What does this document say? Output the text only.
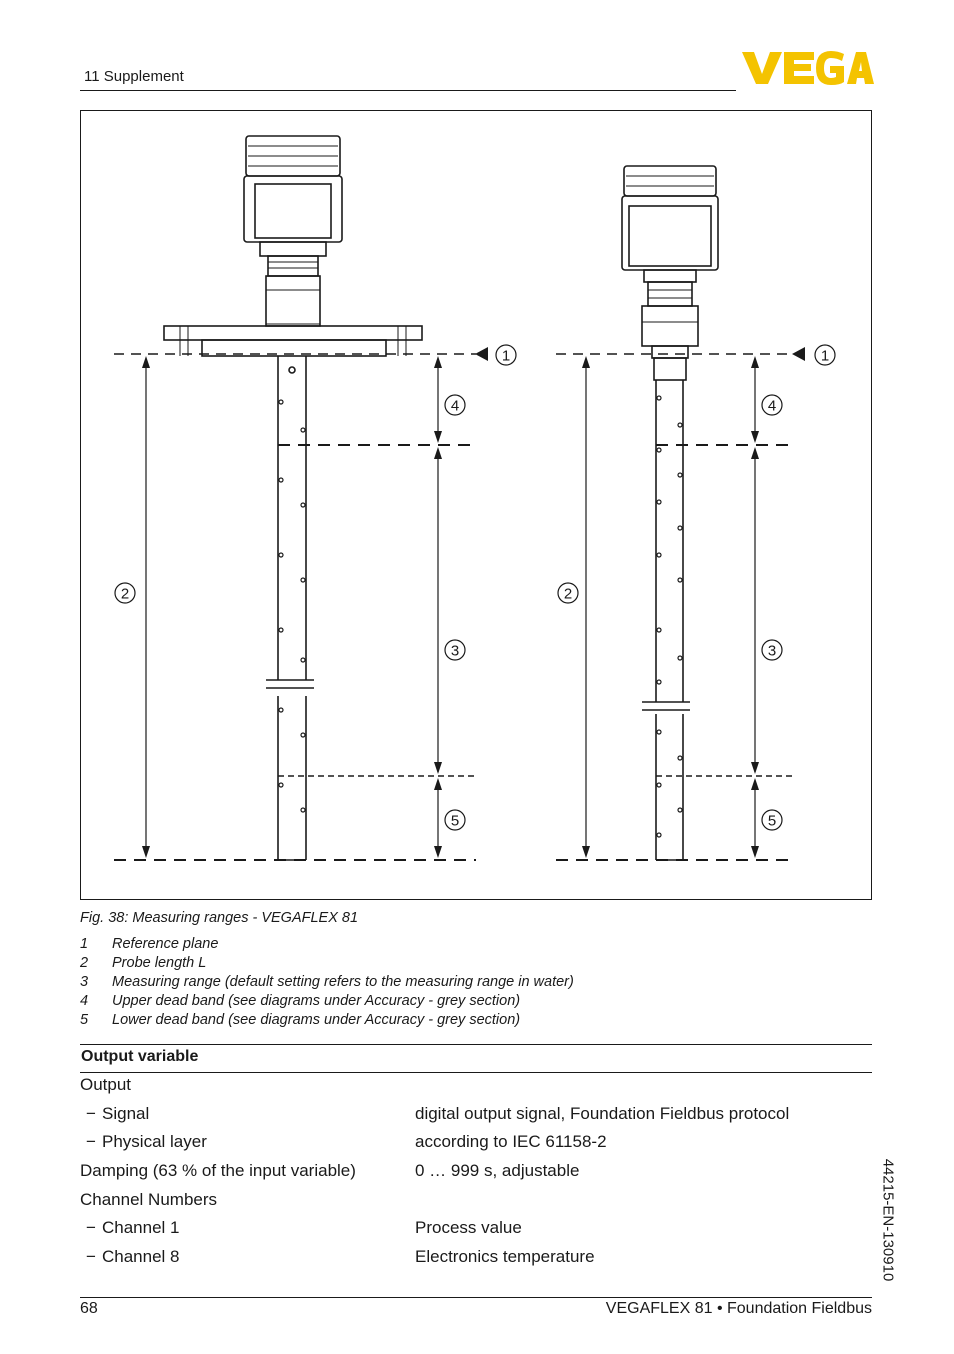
11 Supplement
1
4
2
3
5
1
4
2
3
5
Fig. 38: Measuring ranges - VEGAFLEX 81
1 Reference plane
2 Probe length L
3 Measuring range (default setting refers to the measuring range in water)
4 Upper dead band (see diagrams under Accuracy - grey section)
5 Lower dead band (see diagrams under Accuracy - grey section)
Output variable
Output
− Signal	digital output signal, Foundation Fieldbus protocol
− Physical layer	according to IEC 61158-2
Damping (63 % of the input variable)	0 … 999 s, adjustable
Channel Numbers
− Channel 1	Process value
− Channel 8	Electronics temperature	44215-EN-130910
68	VEGAFLEX 81 • Foundation Fieldbus
